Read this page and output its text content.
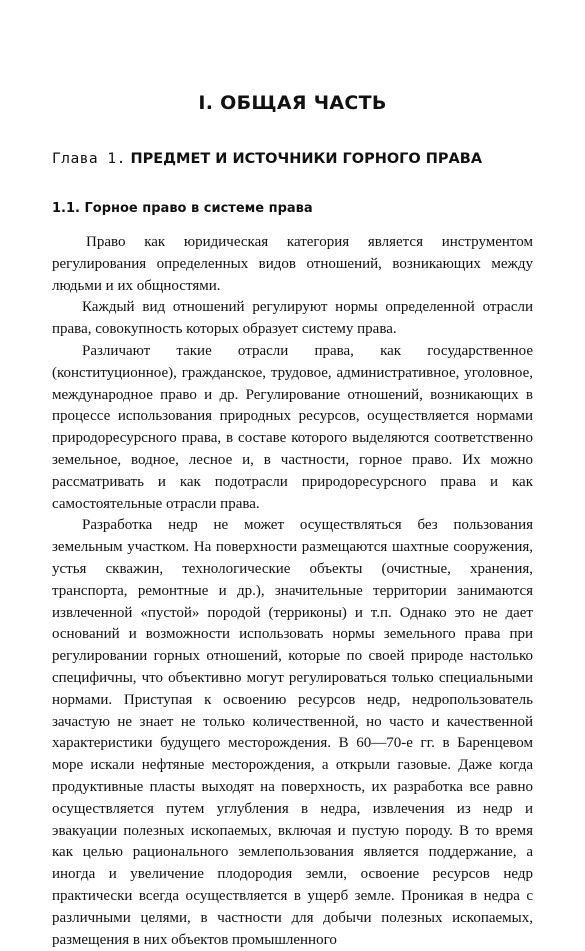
I. ОБЩАЯ ЧАСТЬ
Глава 1. ПРЕДМЕТ И ИСТОЧНИКИ ГОРНОГО ПРАВА
1.1. Горное право в системе права

Право как юридическая категория является инструментом регулирования определенных видов отношений, возникающих между людьми и их общностями.

Каждый вид отношений регулируют нормы определенной отрасли права, совокупность которых образует систему права.

Различают такие отрасли права, как государственное (конституционное), гражданское, трудовое, административное, уголовное, международное право и др. Регулирование отношений, возникающих в процессе использования природных ресурсов, осуществляется нормами природоресурсного права, в составе которого выделяются соответственно земельное, водное, лесное и, в частности, горное право. Их можно рассматривать и как подотрасли природоресурсного права и как самостоятельные отрасли права.

Разработка недр не может осуществляться без пользования земельным участком. На поверхности размещаются шахтные сооружения, устья скважин, технологические объекты (очистные, хранения, транспорта, ремонтные и др.), значительные территории занимаются извлеченной «пустой» породой (терриконы) и т.п. Однако это не дает оснований и возможности использовать нормы земельного права при регулировании горных отношений, которые по своей природе настолько специфичны, что объективно могут регулироваться только специальными нормами. Приступая к освоению ресурсов недр, недропользователь зачастую не знает не только количественной, но часто и качественной характеристики будущего месторождения. В 60—70-е гг. в Баренцевом море искали нефтяные месторождения, а открыли газовые. Даже когда продуктивные пласты выходят на поверхность, их разработка все равно осуществляется путем углубления в недра, извлечения из недр и эвакуации полезных ископаемых, включая и пустую породу. В то время как целью рационального землепользования является поддержание, а иногда и увеличение плодородия земли, освоение ресурсов недр практически всегда осуществляется в ущерб земле. Проникая в недра с различными целями, в частности для добычи полезных ископаемых, размещения в них объектов промышленного
